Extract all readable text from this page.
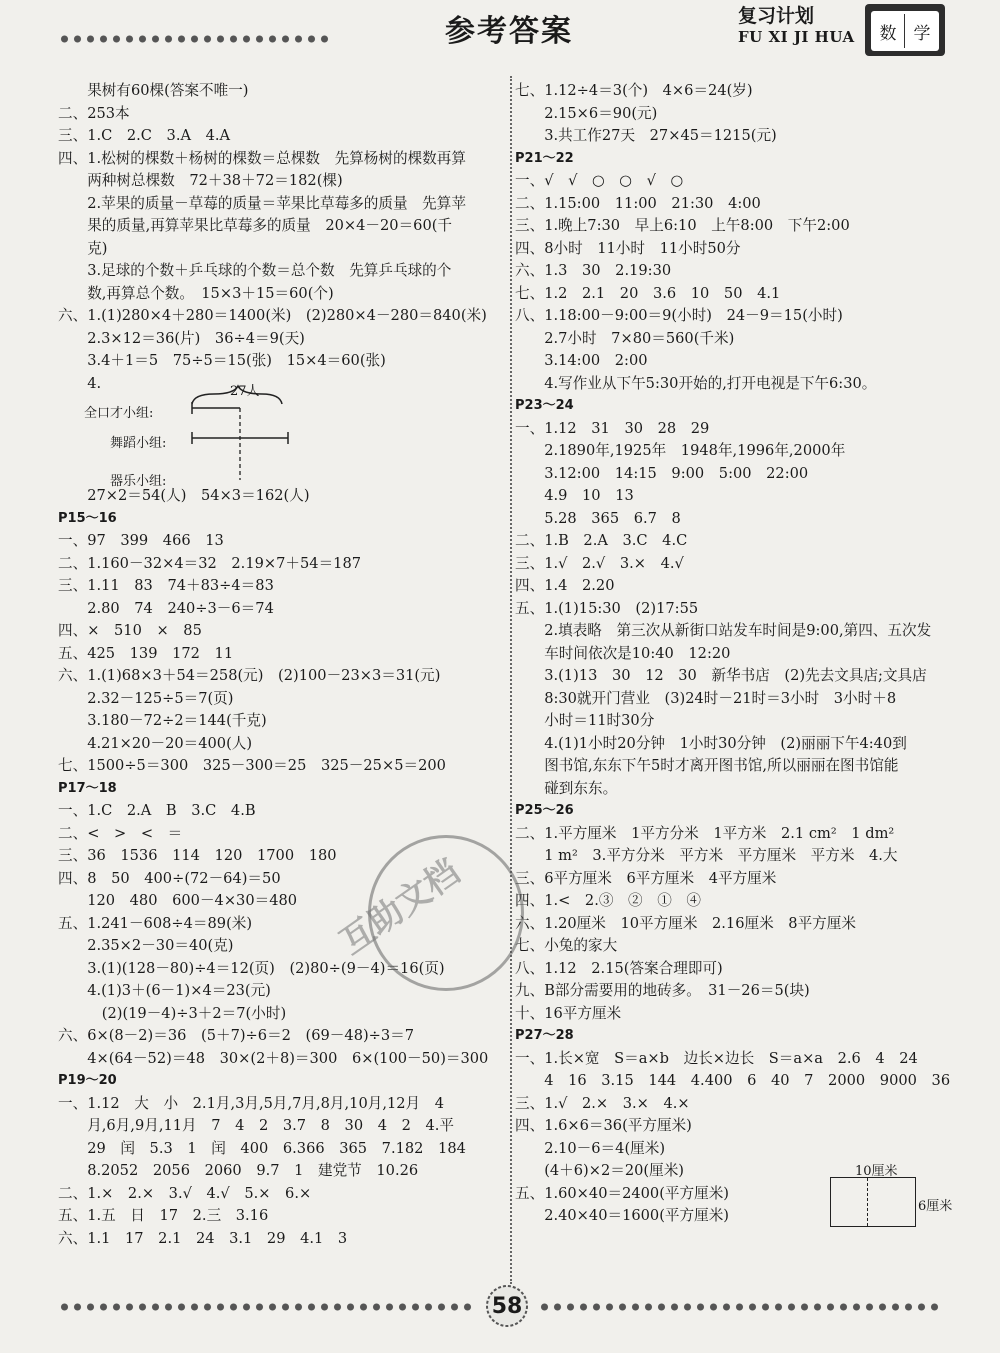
参考答案	复习计划
FU XI JI HUA 数 学
　　果树有60棵(答案不唯一)
二、253本
三、1.C　2.C　3.A　4.A
四、1.松树的棵数＋杨树的棵数＝总棵数　先算杨树的棵数再算
　　两种树总棵数　72＋38＋72＝182(棵)
　　2.苹果的质量－草莓的质量＝苹果比草莓多的质量　先算苹
　　果的质量,再算苹果比草莓多的质量　20×4－20＝60(千
　　克)
　　3.足球的个数＋乒乓球的个数＝总个数　先算乒乓球的个
　　数,再算总个数。　15×3＋15＝60(个)
六、1.(1)280×4＋280＝1400(米)　(2)280×4－280＝840(米)
　　2.3×12＝36(片)　36÷4＝9(天)
　　3.4＋1＝5　75÷5＝15(张)　15×4＝60(张)
　　4.
　　27×2＝54(人)　54×3＝162(人)
P15～16
一、97　399　466　13
二、1.160－32×4＝32　2.19×7＋54＝187
三、1.11　83　74＋83÷4＝83
　　2.80　74　240÷3－6＝74
四、×　510　×　85
五、425　139　172　11
六、1.(1)68×3＋54＝258(元)　(2)100－23×3＝31(元)
　　2.32－125÷5＝7(页)
　　3.180－72÷2＝144(千克)
　　4.21×20－20＝400(人)
七、1500÷5＝300　325－300＝25　325－25×5＝200
P17～18
一、1.C　2.A　B　3.C　4.B
二、<　>　<　＝
三、36　1536　114　120　1700　180
四、8　50　400÷(72－64)＝50
　　120　480　600－4×30＝480
五、1.241－608÷4＝89(米)
　　2.35×2－30＝40(克)
　　3.(1)(128－80)÷4＝12(页)　(2)80÷(9－4)＝16(页)
　　4.(1)3＋(6－1)×4＝23(元)
　　　(2)(19－4)÷3＋2＝7(小时)
六、6×(8－2)＝36　(5＋7)÷6＝2　(69－48)÷3＝7
　　4×(64－52)＝48　30×(2＋8)＝300　6×(100－50)＝300
P19～20
一、1.12　大　小　2.1月,3月,5月,7月,8月,10月,12月　4
　　月,6月,9月,11月　7　4　2　3.7　8　30　4　2　4.平
　　29　闰　5.3　1　闰　400　6.366　365　7.182　184
　　8.2052　2056　2060　9.7　1　建党节　10.26
二、1.×　2.×　3.√　4.√　5.×　6.×
五、1.五　日　17　2.三　3.16
六、1.1　17　2.1　24　3.1　29　4.1　3
七、1.12÷4＝3(个)　4×6＝24(岁)
　　2.15×6＝90(元)
　　3.共工作27天　27×45＝1215(元)
P21～22
一、√　√　○　○　√　○
二、1.15:00　11:00　21:30　4:00
三、1.晚上7:30　早上6:10　上午8:00　下午2:00
四、8小时　11小时　11小时50分
六、1.3　30　2.19:30
七、1.2　2.1　20　3.6　10　50　4.1
八、1.18:00－9:00＝9(小时)　24－9＝15(小时)
　　2.7小时　7×80＝560(千米)
　　3.14:00　2:00
　　4.写作业从下午5:30开始的,打开电视是下午6:30。
P23～24
一、1.12　31　30　28　29
　　2.1890年,1925年　1948年,1996年,2000年
　　3.12:00　14:15　9:00　5:00　22:00
　　4.9　10　13
　　5.28　365　6.7　8
二、1.B　2.A　3.C　4.C
三、1.√　2.√　3.×　4.√
四、1.4　2.20
五、1.(1)15:30　(2)17:55
　　2.填表略　第三次从新街口站发车时间是9:00,第四、五次发
　　车时间依次是10:40　12:20
　　3.(1)13　30　12　30　新华书店　(2)先去文具店;文具店
　　8:30就开门营业　(3)24时－21时＝3小时　3小时＋8
　　小时＝11时30分
　　4.(1)1小时20分钟　1小时30分钟　(2)丽丽下午4:40到
　　图书馆,东东下午5时才离开图书馆,所以丽丽在图书馆能
　　碰到东东。
P25～26
二、1.平方厘米　1平方分米　1平方米　2.1 cm²　1 dm²
　　1 m²　3.平方分米　平方米　平方厘米　平方米　4.大
三、6平方厘米　6平方厘米　4平方厘米
四、1.<　2.③　②　①　④
六、1.20厘米　10平方厘米　2.16厘米　8平方厘米
七、小兔的家大
八、1.12　2.15(答案合理即可)
九、B部分需要用的地砖多。　31－26＝5(块)
十、16平方厘米
P27～28
一、1.长×宽　S＝a×b　边长×边长　S＝a×a　2.6　4　24
　　4　16　3.15　144　4.400　6　40　7　2000　9000　36
三、1.√　2.×　3.×　4.×
四、1.6×6＝36(平方厘米)
　　2.10－6＝4(厘米)
　　(4＋6)×2＝20(厘米)
五、1.60×40＝2400(平方厘米)
　　2.40×40＝1600(平方厘米)
27人
全口才小组:
舞蹈小组:
器乐小组:
10厘米
6厘米
互助文档
58
